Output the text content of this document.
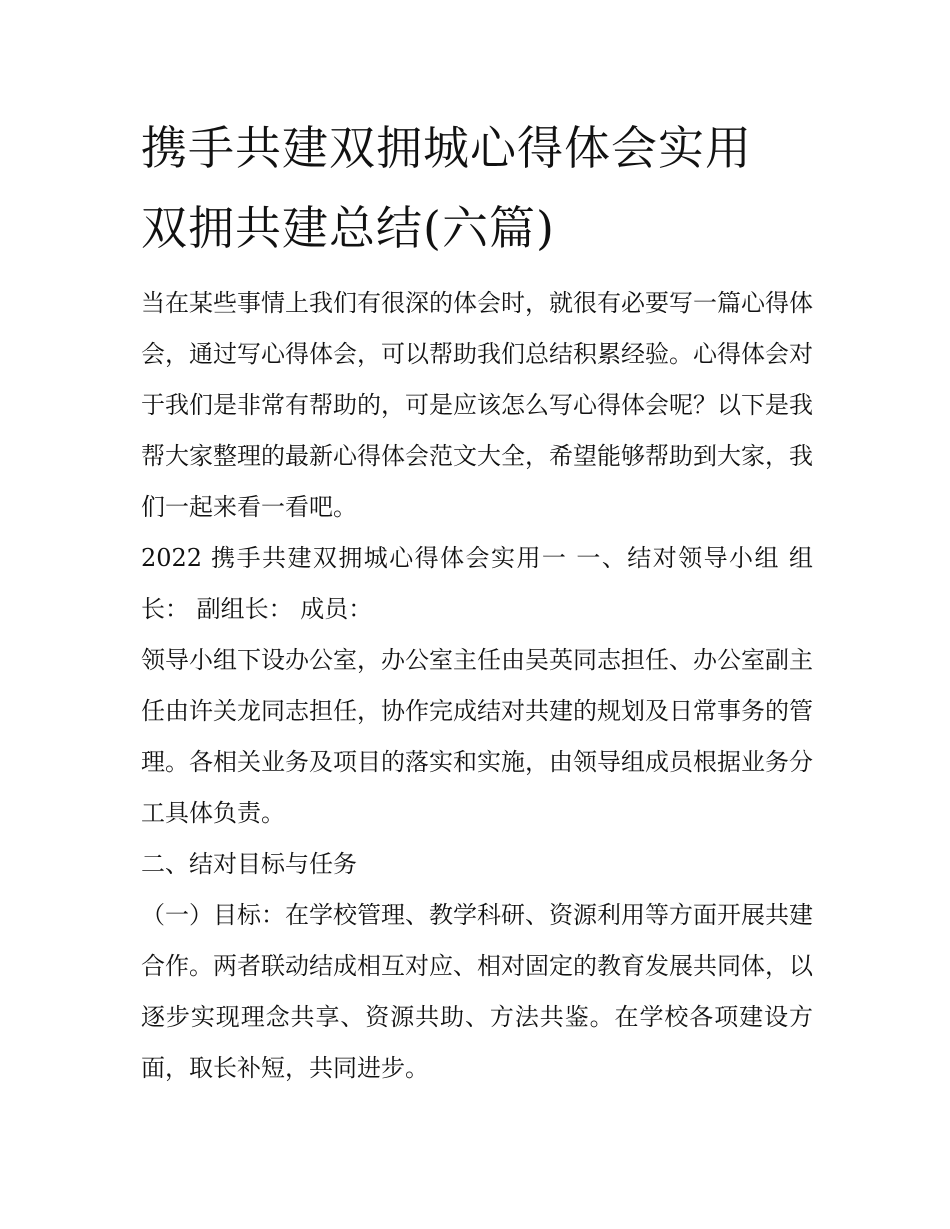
携手共建双拥城心得体会实用
双拥共建总结(六篇)

当在某些事情上我们有很深的体会时，就很有必要写一篇心得体会，通过写心得体会，可以帮助我们总结积累经验。心得体会对于我们是非常有帮助的，可是应该怎么写心得体会呢？以下是我帮大家整理的最新心得体会范文大全，希望能够帮助到大家，我们一起来看一看吧。

2022 携手共建双拥城心得体会实用一 一、结对领导小组 组长： 副组长： 成员：

领导小组下设办公室，办公室主任由吴英同志担任、办公室副主任由许关龙同志担任，协作完成结对共建的规划及日常事务的管理。各相关业务及项目的落实和实施，由领导组成员根据业务分工具体负责。

二、结对目标与任务

（一）目标：在学校管理、教学科研、资源利用等方面开展共建合作。两者联动结成相互对应、相对固定的教育发展共同体，以逐步实现理念共享、资源共助、方法共鉴。在学校各项建设方面，取长补短，共同进步。
